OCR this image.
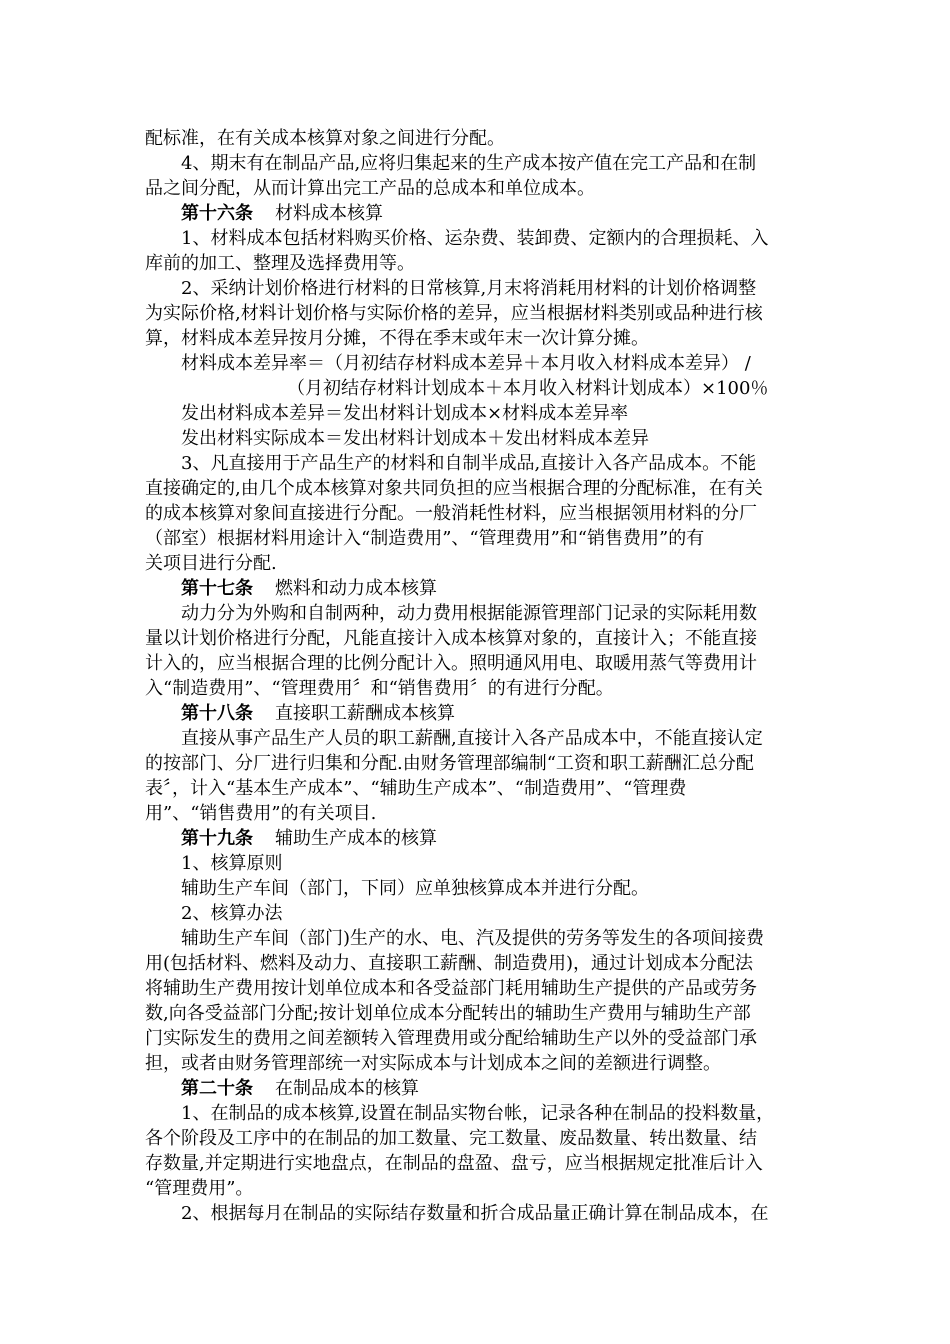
配标准，在有关成本核算对象之间进行分配。
4、期末有在制品产品,应将归集起来的生产成本按产值在完工产品和在制
品之间分配，从而计算出完工产品的总成本和单位成本。
第十六条 材料成本核算
1、材料成本包括材料购买价格、运杂费、装卸费、定额内的合理损耗、入
库前的加工、整理及选择费用等。
2、采纳计划价格进行材料的日常核算,月末将消耗用材料的计划价格调整
为实际价格,材料计划价格与实际价格的差异，应当根据材料类别或品种进行核
算，材料成本差异按月分摊，不得在季末或年末一次计算分摊。
材料成本差异率＝（月初结存材料成本差异＋本月收入材料成本差异） /
（月初结存材料计划成本＋本月收入材料计划成本）×100％
发出材料成本差异＝发出材料计划成本×材料成本差异率
发出材料实际成本＝发出材料计划成本＋发出材料成本差异
3、凡直接用于产品生产的材料和自制半成品,直接计入各产品成本。不能
直接确定的,由几个成本核算对象共同负担的应当根据合理的分配标准，在有关
的成本核算对象间直接进行分配。一般消耗性材料，应当根据领用材料的分厂
（部室）根据材料用途计入“制造费用”、“管理费用”和“销售费用”的有
关项目进行分配.
第十七条 燃料和动力成本核算
动力分为外购和自制两种，动力费用根据能源管理部门记录的实际耗用数
量以计划价格进行分配，凡能直接计入成本核算对象的，直接计入；不能直接
计入的，应当根据合理的比例分配计入。照明通风用电、取暖用蒸气等费用计
入“制造费用”、“管理费用〞和“销售费用〞的有进行分配。
第十八条 直接职工薪酬成本核算
直接从事产品生产人员的职工薪酬,直接计入各产品成本中，不能直接认定
的按部门、分厂进行归集和分配.由财务管理部编制“工资和职工薪酬汇总分配
表〞，计入“基本生产成本”、“辅助生产成本”、“制造费用”、“管理费
用”、“销售费用”的有关项目.
第十九条 辅助生产成本的核算
1、核算原则
辅助生产车间（部门，下同）应单独核算成本并进行分配。
2、核算办法
辅助生产车间（部门)生产的水、电、汽及提供的劳务等发生的各项间接费
用(包括材料、燃料及动力、直接职工薪酬、制造费用)，通过计划成本分配法
将辅助生产费用按计划单位成本和各受益部门耗用辅助生产提供的产品或劳务
数,向各受益部门分配;按计划单位成本分配转出的辅助生产费用与辅助生产部
门实际发生的费用之间差额转入管理费用或分配给辅助生产以外的受益部门承
担，或者由财务管理部统一对实际成本与计划成本之间的差额进行调整。
第二十条 在制品成本的核算
1、在制品的成本核算,设置在制品实物台帐，记录各种在制品的投料数量，
各个阶段及工序中的在制品的加工数量、完工数量、废品数量、转出数量、结
存数量,并定期进行实地盘点，在制品的盘盈、盘亏，应当根据规定批准后计入
“管理费用”。
2、根据每月在制品的实际结存数量和折合成品量正确计算在制品成本，在
